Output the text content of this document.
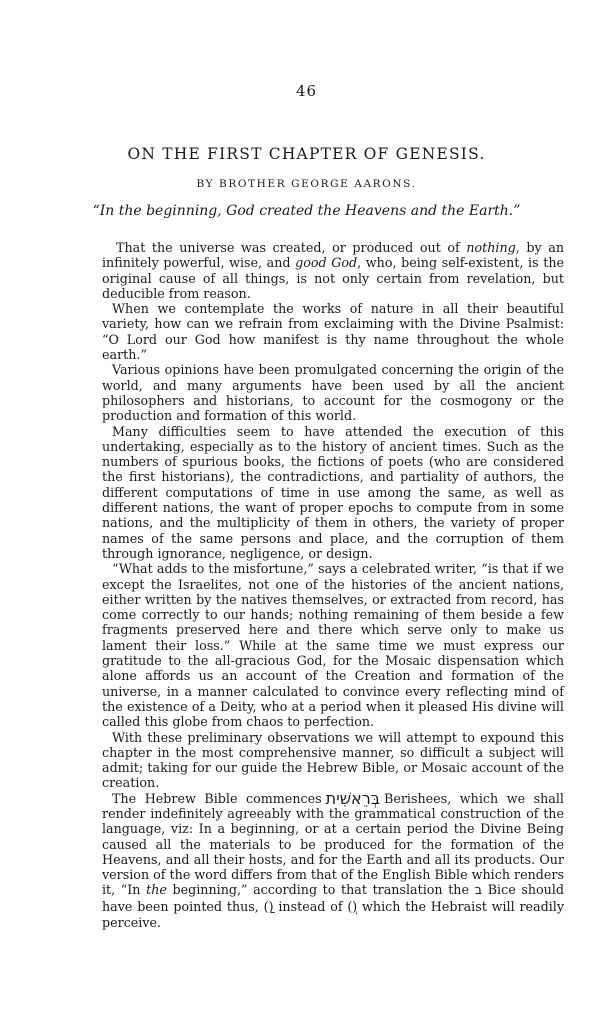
46
ON THE FIRST CHAPTER OF GENESIS.
BY BROTHER GEORGE AARONS.
“In the beginning, God created the Heavens and the Earth.”

That the universe was created, or produced out of nothing, by an infinitely powerful, wise, and good God, who, being self-existent, is the original cause of all things, is not only certain from revelation, but deducible from reason.

When we contemplate the works of nature in all their beautiful variety, how can we refrain from exclaiming with the Divine Psalmist: “O Lord our God how manifest is thy name throughout the whole earth.”

Various opinions have been promulgated concerning the origin of the world, and many arguments have been used by all the ancient philosophers and historians, to account for the cosmogony or the production and formation of this world.

Many difficulties seem to have attended the execution of this undertaking, especially as to the history of ancient times. Such as the numbers of spurious books, the fictions of poets (who are considered the first historians), the contradictions, and partiality of authors, the different computations of time in use among the same, as well as different nations, the want of proper epochs to compute from in some nations, and the multiplicity of them in others, the variety of proper names of the same persons and place, and the corruption of them through ignorance, negligence, or design.

“What adds to the misfortune,” says a celebrated writer, “is that if we except the Israelites, not one of the histories of the ancient nations, either written by the natives themselves, or extracted from record, has come correctly to our hands; nothing remaining of them beside a few fragments preserved here and there which serve only to make us lament their loss.” While at the same time we must express our gratitude to the all-gracious God, for the Mosaic dispensation which alone affords us an account of the Creation and formation of the universe, in a manner calculated to convince every reflecting mind of the existence of a Deity, who at a period when it pleased His divine will called this globe from chaos to perfection.

With these preliminary observations we will attempt to expound this chapter in the most comprehensive manner, so difficult a subject will admit; taking for our guide the Hebrew Bible, or Mosaic account of the creation.

The Hebrew Bible commences בְּרֵאשִׁית Berishees, which we shall render indefinitely agreeably with the grammatical construction of the language, viz: In a beginning, or at a certain period the Divine Being caused all the materials to be produced for the formation of the Heavens, and all their hosts, and for the Earth and all its products. Our version of the word differs from that of the English Bible which renders it, “In the beginning,” according to that translation the ב Bice should have been pointed thus, () instead of () which the Hebraist will readily perceive.
